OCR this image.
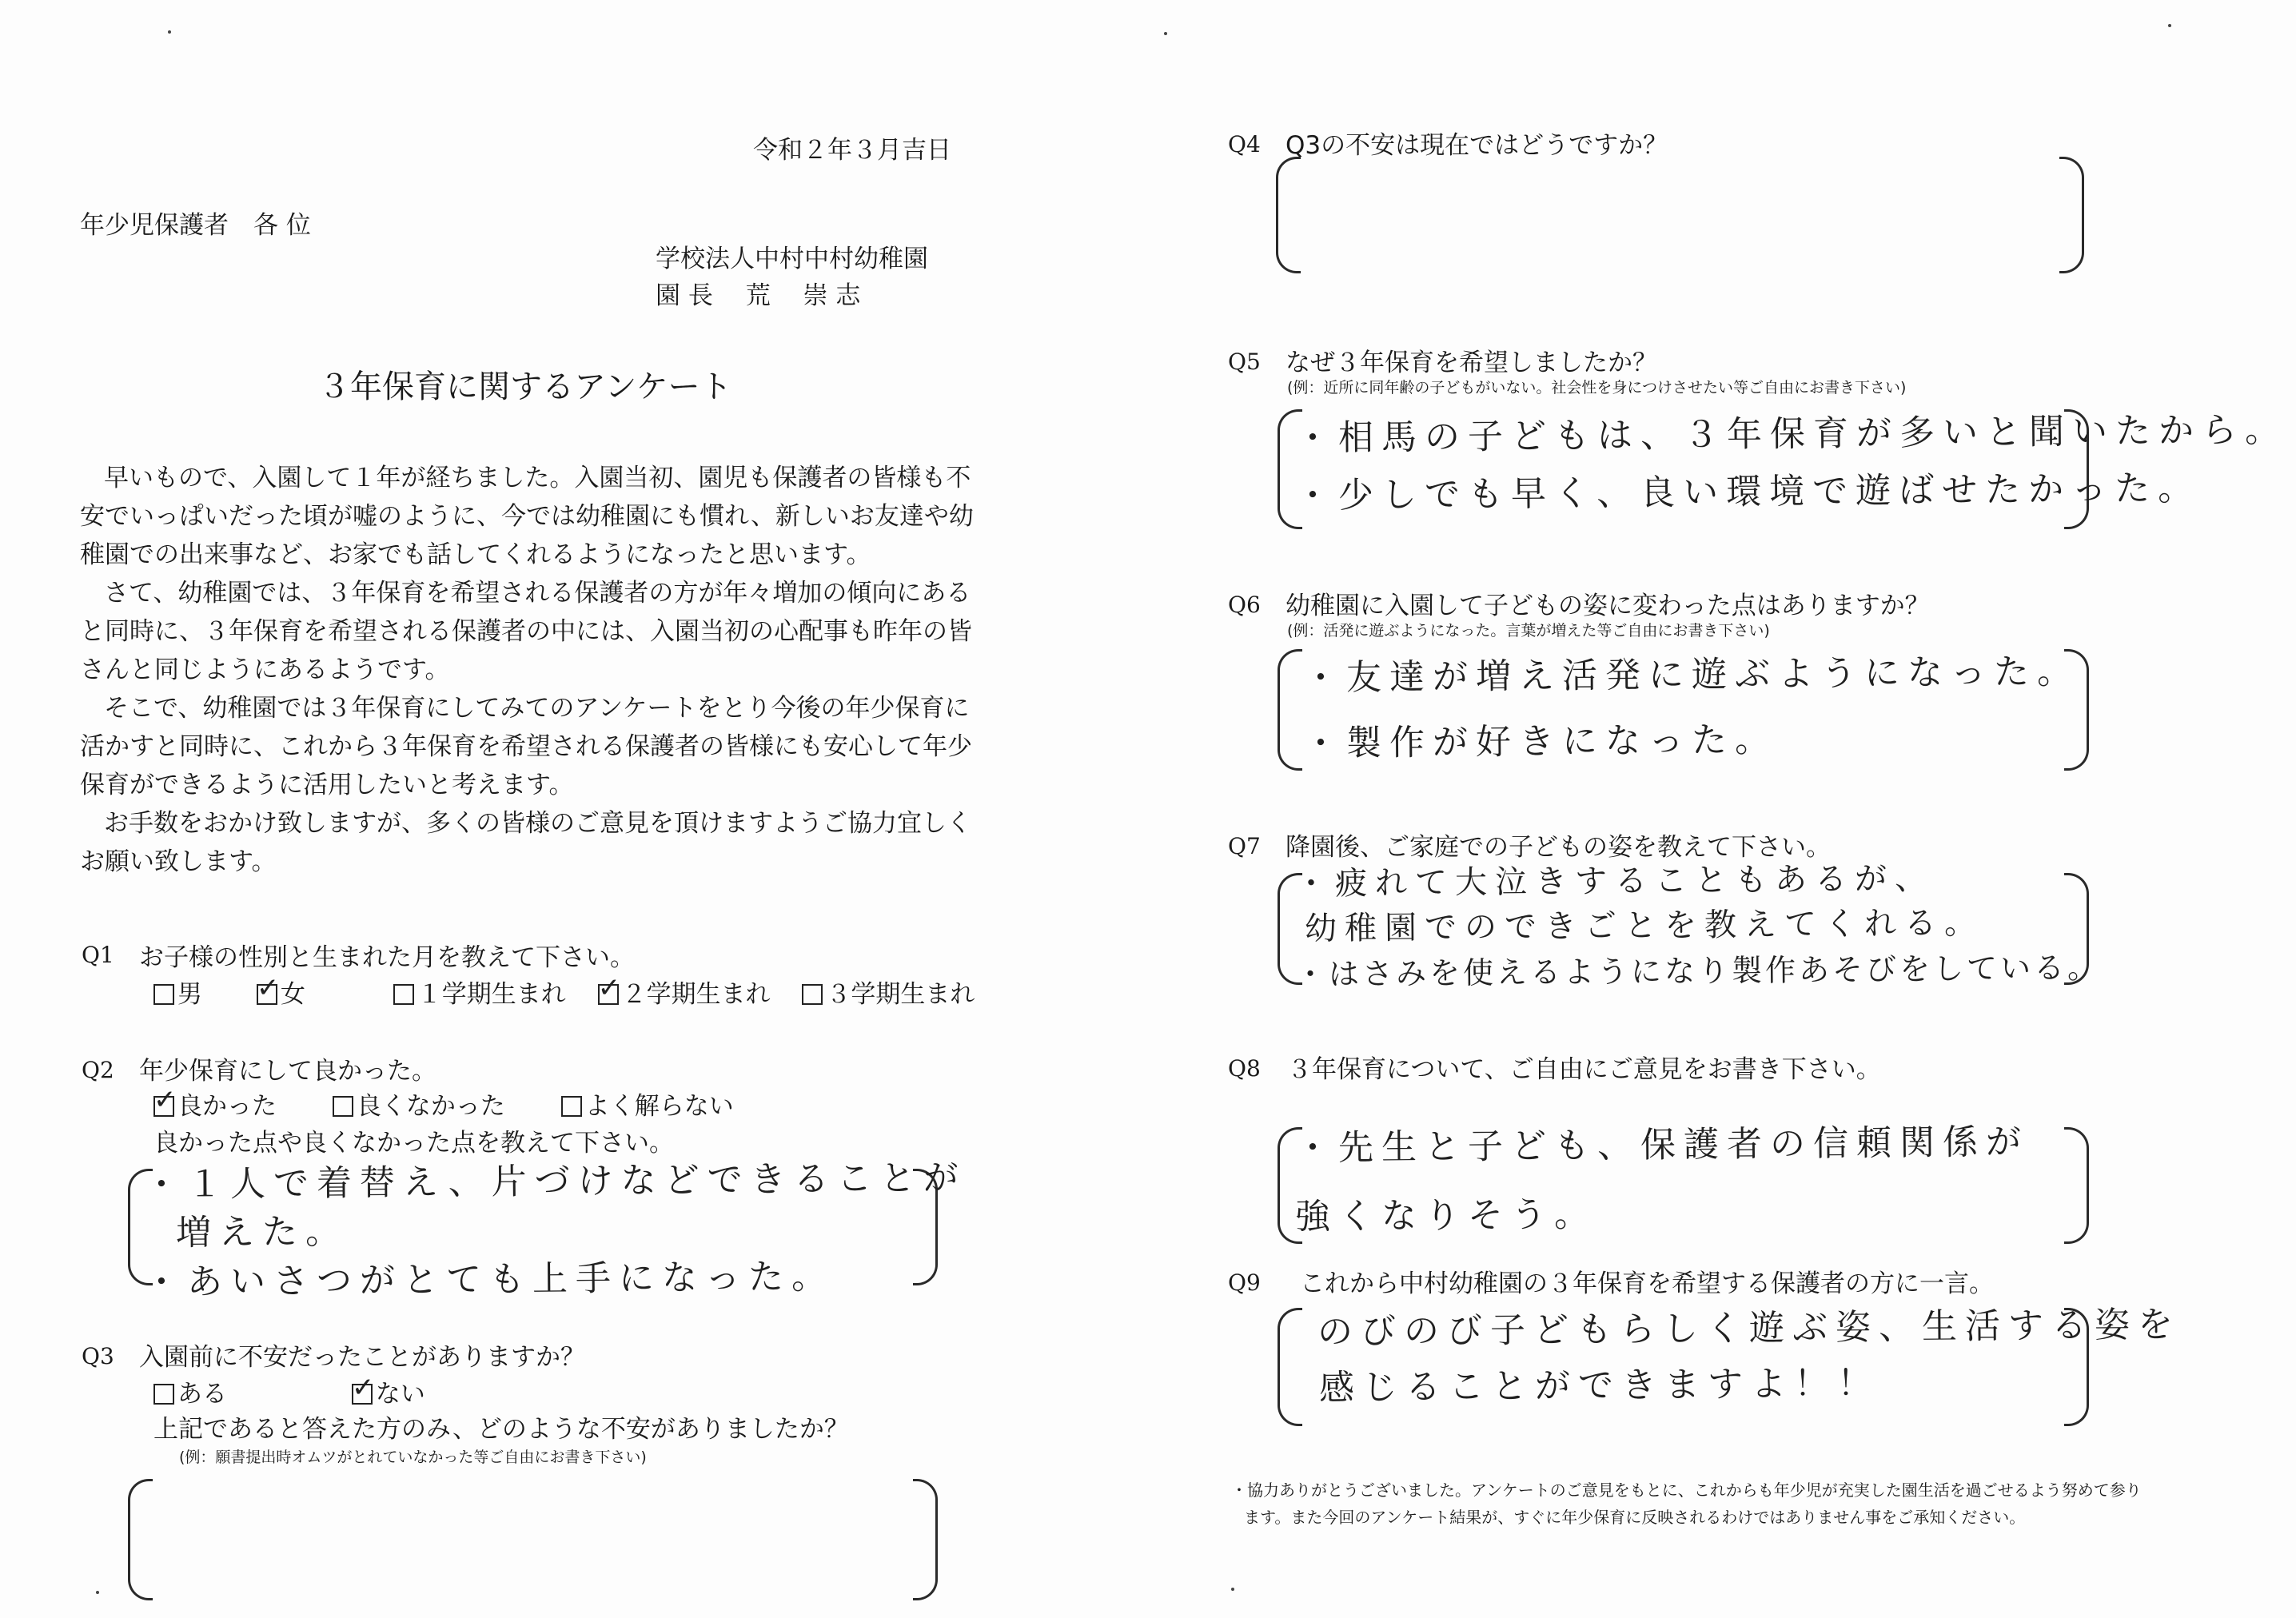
令和２年３月吉日
年少児保護者　各 位
学校法人中村中村幼稚園
園 長　 荒　 崇 志
３年保育に関するアンケート

早いもので、入園して１年が経ちました。入園当初、園児も保護者の皆様も不安でいっぱいだった頃が嘘のように、今では幼稚園にも慣れ、新しいお友達や幼稚園での出来事など、お家でも話してくれるようになったと思います。

さて、幼稚園では、３年保育を希望される保護者の方が年々増加の傾向にあると同時に、３年保育を希望される保護者の中には、入園当初の心配事も昨年の皆さんと同じようにあるようです。

そこで、幼稚園では３年保育にしてみてのアンケートをとり今後の年少保育に活かすと同時に、これから３年保育を希望される保護者の皆様にも安心して年少保育ができるように活用したいと考えます。

お手数をおかけ致しますが、多くの皆様のご意見を頂けますようご協力宜しくお願い致します。

Q1 お子様の性別と生まれた月を教えて下さい。
男 ✓ 女	１学期生まれ ✓ ２学期生まれ ３学期生まれ
Q2 年少保育にして良かった。
✓ 良かった	良くなかった	よく解らない
良かった点や良くなかった点を教えて下さい。
・１人で着替え、片づけなどできることが
増えた。
・あいさつがとても上手になった。
Q3 入園前に不安だったことがありますか？
ある	✓ ない
上記であると答えた方のみ、どのような不安がありましたか？
(例：願書提出時オムツがとれていなかった等ご自由にお書き下さい)
Q4 Q3の不安は現在ではどうですか？
Q5 なぜ３年保育を希望しましたか？
(例：近所に同年齢の子どもがいない。社会性を身につけさせたい等ご自由にお書き下さい)
・相馬の子どもは、３年保育が多いと聞いたから。
・少しでも早く、良い環境で遊ばせたかった。
Q6 幼稚園に入園して子どもの姿に変わった点はありますか？
(例：活発に遊ぶようになった。言葉が増えた等ご自由にお書き下さい)
・友達が増え活発に遊ぶようになった。
・製作が好きになった。
Q7 降園後、ご家庭での子どもの姿を教えて下さい。
・疲れて大泣きすることもあるが、
幼稚園でのできごとを教えてくれる。
・はさみを使えるようになり製作あそびをしている。
Q8 ３年保育について、ご自由にご意見をお書き下さい。
・先生と子ども、保護者の信頼関係が
強くなりそう。
Q9 これから中村幼稚園の３年保育を希望する保護者の方に一言。
のびのび子どもらしく遊ぶ姿、生活する姿を
感じることができますよ！！
・協力ありがとうございました。アンケートのご意見をもとに、これからも年少児が充実した園生活を過ごせるよう努めて参り
ます。また今回のアンケート結果が、すぐに年少保育に反映されるわけではありません事をご承知ください。
